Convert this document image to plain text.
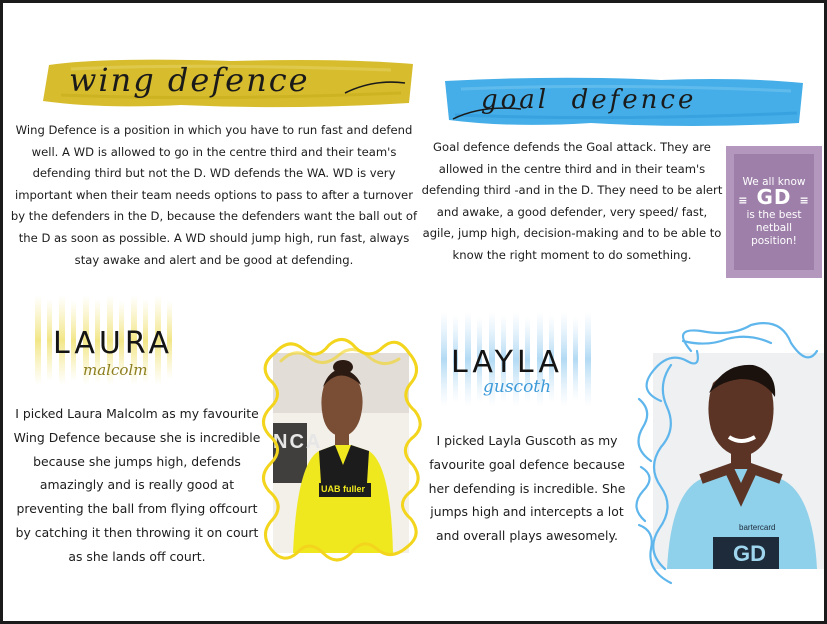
wing defence
goal  defence

Wing Defence is a position in which you have to run fast and defend well. A WD is allowed to go in the centre third and their team's defending third but not the D. WD defends the WA. WD is very important when their team needs options to pass to after a turnover by the defenders in the D, because the defenders want the ball out of the D as soon as possible. A WD should jump high, run fast, always stay awake and alert and be good at defending.

Goal defence defends the Goal attack. They are allowed in the centre third and in their team's defending third -and in the D. They need to be alert and awake, a good defender, very speed/ fast, agile, jump high, decision-making and to be able to know the right moment to do something.

We all know
≡ GD ≡
is the best netball position!
LAURA
malcolm

I picked Laura Malcolm as my favourite Wing Defence because she is incredible because she jumps high, defends amazingly and is really good at preventing the ball from flying offcourt by catching it then throwing it on court as she lands off court.

UAB fuller
NCA
LAYLA
guscoth

I picked Layla Guscoth as my favourite goal defence because her defending is incredible. She jumps high and intercepts a lot and overall plays awesomely.

bartercard
GD
